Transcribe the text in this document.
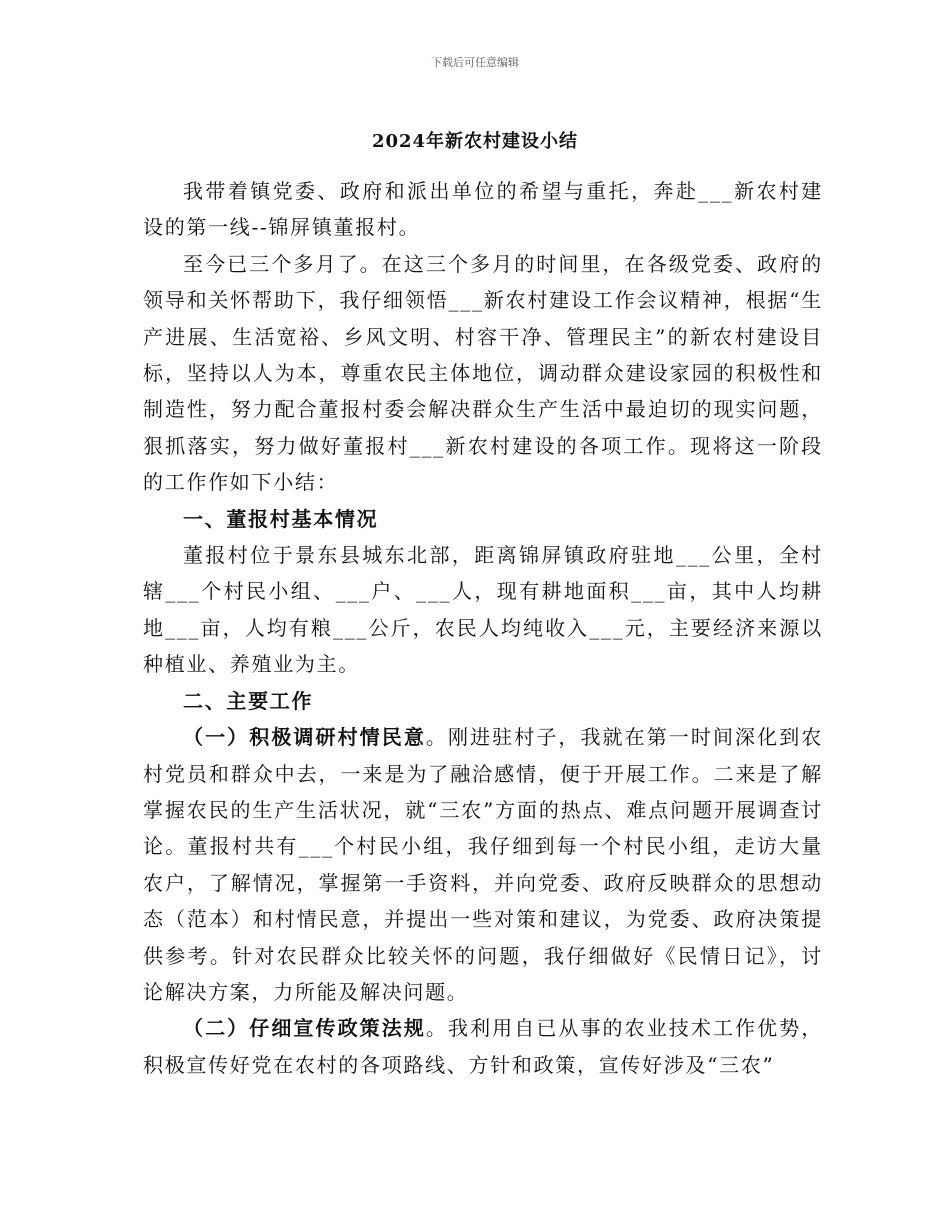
下载后可任意编辑
2024年新农村建设小结

我带着镇党委、政府和派出单位的希望与重托，奔赴___新农村建设的第一线--锦屏镇董报村。

至今已三个多月了。在这三个多月的时间里，在各级党委、政府的领导和关怀帮助下，我仔细领悟___新农村建设工作会议精神，根据“生产进展、生活宽裕、乡风文明、村容干净、管理民主”的新农村建设目标，坚持以人为本，尊重农民主体地位，调动群众建设家园的积极性和制造性，努力配合董报村委会解决群众生产生活中最迫切的现实问题，狠抓落实，努力做好董报村___新农村建设的各项工作。现将这一阶段的工作作如下小结：

一、董报村基本情况

董报村位于景东县城东北部，距离锦屏镇政府驻地___公里，全村辖___个村民小组、___户、___人，现有耕地面积___亩，其中人均耕地___亩，人均有粮___公斤，农民人均纯收入___元，主要经济来源以种植业、养殖业为主。

二、主要工作

（一）积极调研村情民意。刚进驻村子，我就在第一时间深化到农村党员和群众中去，一来是为了融洽感情，便于开展工作。二来是了解掌握农民的生产生活状况，就“三农”方面的热点、难点问题开展调查讨论。董报村共有___个村民小组，我仔细到每一个村民小组，走访大量农户，了解情况，掌握第一手资料，并向党委、政府反映群众的思想动态（范本）和村情民意，并提出一些对策和建议，为党委、政府决策提供参考。针对农民群众比较关怀的问题，我仔细做好《民情日记》，讨论解决方案，力所能及解决问题。

（二）仔细宣传政策法规。我利用自已从事的农业技术工作优势，积极宣传好党在农村的各项路线、方针和政策，宣传好涉及“三农”
